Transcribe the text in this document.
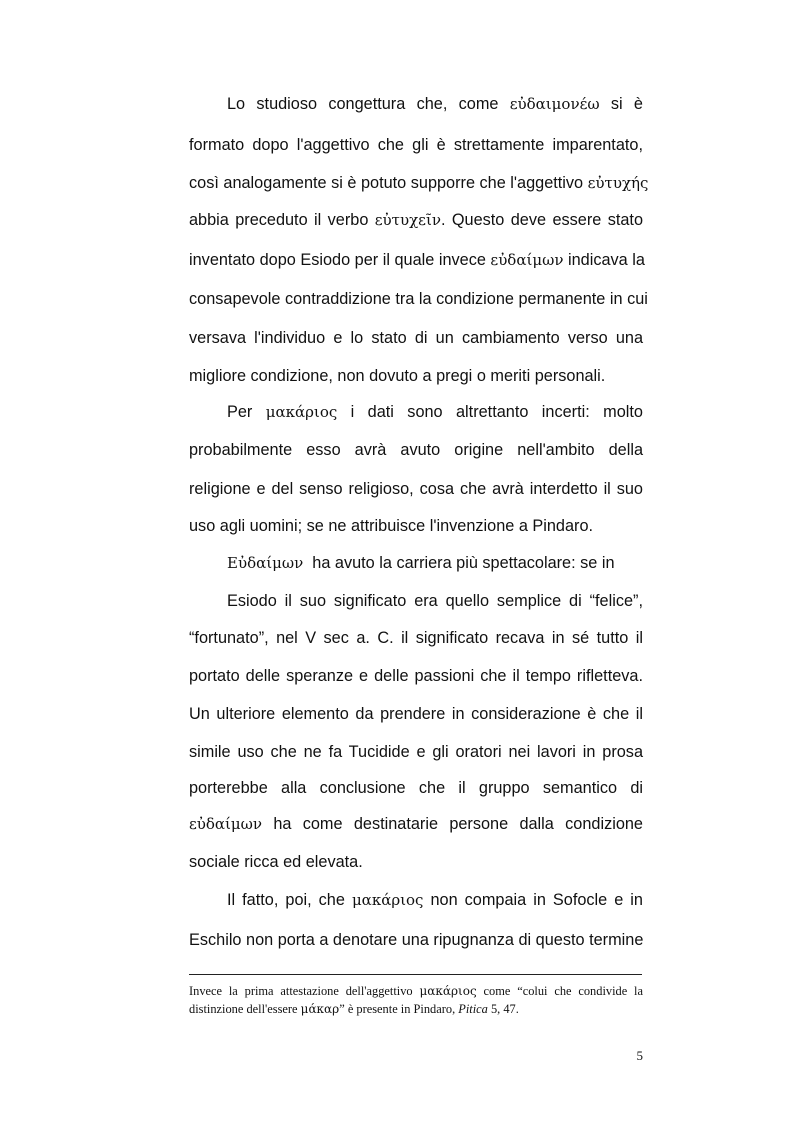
Lo studioso congettura che, come εὐδαιμονέω si è
formato dopo l'aggettivo che gli è strettamente imparentato,
così analogamente si è potuto supporre che l'aggettivo εὐτυχής
abbia preceduto il verbo εὐτυχεῖν. Questo deve essere stato
inventato dopo Esiodo per il quale invece εὐδαίμων indicava la
consapevole contraddizione tra la condizione permanente in cui
versava l'individuo e lo stato di un cambiamento verso una
migliore condizione, non dovuto a pregi o meriti personali.
Per μακάριος i dati sono altrettanto incerti: molto
probabilmente esso avrà avuto origine nell'ambito della
religione e del senso religioso, cosa che avrà interdetto il suo
uso agli uomini; se ne attribuisce l'invenzione a Pindaro.
Εὐδαίμων  ha avuto la carriera più spettacolare: se in
Esiodo il suo significato era quello semplice di “felice”,
“fortunato”, nel V sec a. C. il significato recava in sé tutto il
portato delle speranze e delle passioni che il tempo rifletteva.
Un ulteriore elemento da prendere in considerazione è che il
simile uso che ne fa Tucidide e gli oratori nei lavori in prosa
porterebbe alla conclusione che il gruppo semantico di
εὐδαίμων ha come destinatarie persone dalla condizione
sociale ricca ed elevata.
Il fatto, poi, che μακάριος non compaia in Sofocle e in
Eschilo non porta a denotare una ripugnanza di questo termine
Invece la prima attestazione dell'aggettivo μακάριος come “colui che condivide la
distinzione dell'essere μάκαρ” è presente in Pindaro, Pitica 5, 47.
5
